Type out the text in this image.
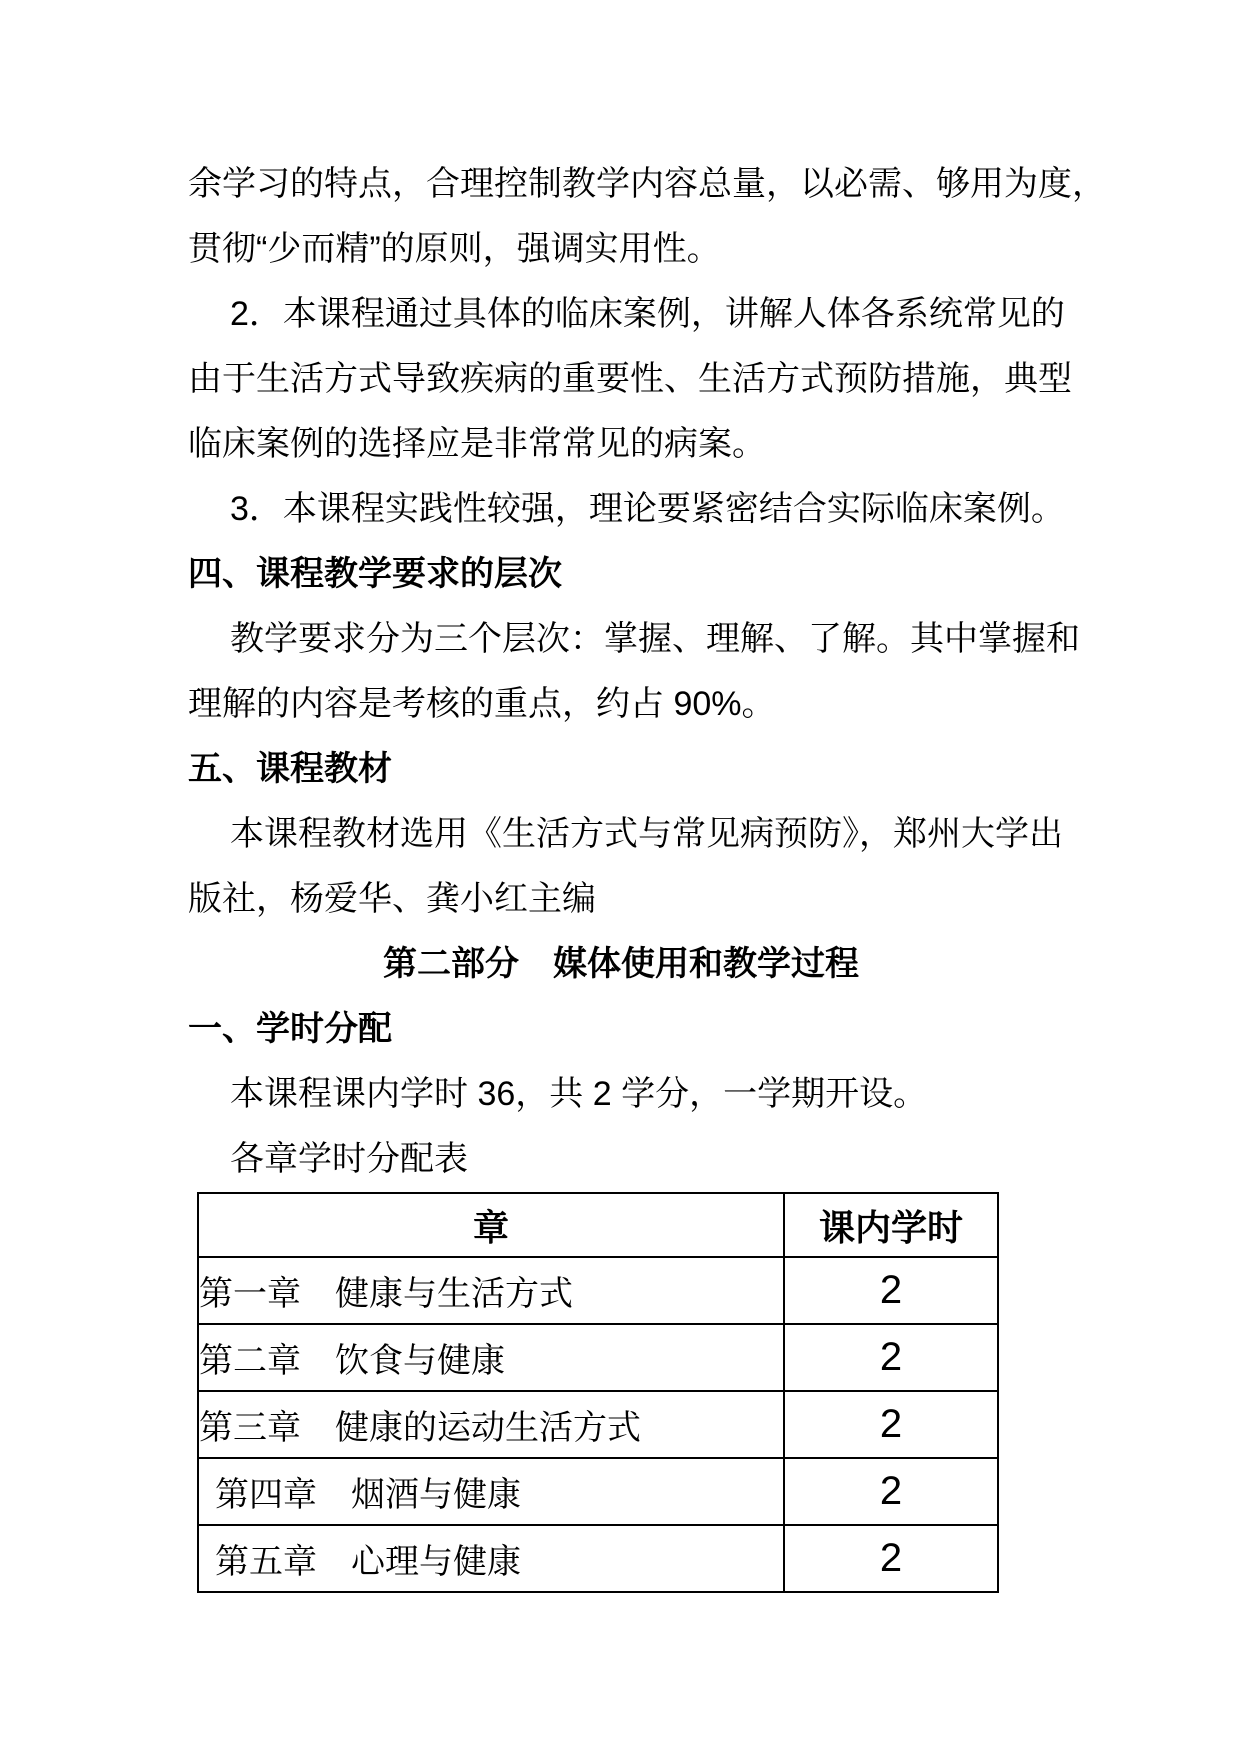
余学习的特点，合理控制教学内容总量，以必需、够用为度，
贯彻“少而精”的原则，强调实用性。
2．本课程通过具体的临床案例，讲解人体各系统常见的
由于生活方式导致疾病的重要性、生活方式预防措施，典型
临床案例的选择应是非常常见的病案。
3．本课程实践性较强，理论要紧密结合实际临床案例。
四、课程教学要求的层次
教学要求分为三个层次：掌握、理解、了解。其中掌握和
理解的内容是考核的重点，约占 90%。
五、课程教材
本课程教材选用《生活方式与常见病预防》，郑州大学出
版社，杨爱华、龚小红主编
第二部分　媒体使用和教学过程
一、学时分配
本课程课内学时 36，共 2 学分，一学期开设。
各章学时分配表
章	课内学时
第一章　健康与生活方式	2
第二章　饮食与健康	2
第三章　健康的运动生活方式	2
第四章　烟酒与健康	2
第五章　心理与健康	2
